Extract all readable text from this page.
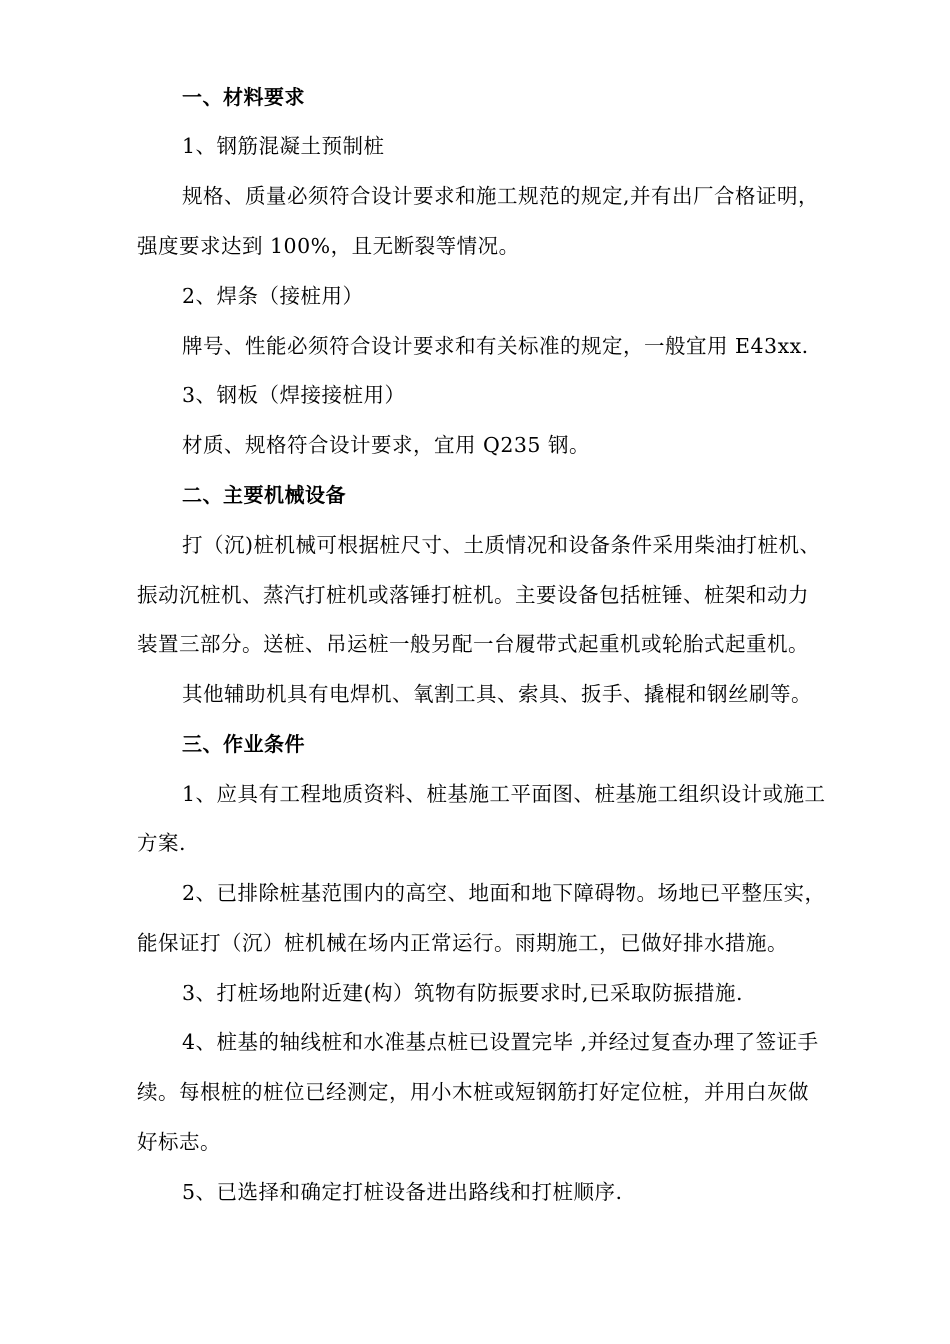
一、材料要求
1、钢筋混凝土预制桩
规格、质量必须符合设计要求和施工规范的规定,并有出厂合格证明，
强度要求达到 100%，且无断裂等情况。
2、焊条（接桩用）
牌号、性能必须符合设计要求和有关标准的规定，一般宜用 E43xx.
3、钢板（焊接接桩用）
材质、规格符合设计要求，宜用 Q235 钢。
二、主要机械设备
打（沉)桩机械可根据桩尺寸、土质情况和设备条件采用柴油打桩机、
振动沉桩机、蒸汽打桩机或落锤打桩机。主要设备包括桩锤、桩架和动力
装置三部分。送桩、吊运桩一般另配一台履带式起重机或轮胎式起重机。
其他辅助机具有电焊机、氧割工具、索具、扳手、撬棍和钢丝刷等。
三、作业条件
1、应具有工程地质资料、桩基施工平面图、桩基施工组织设计或施工
方案.
2、已排除桩基范围内的高空、地面和地下障碍物。场地已平整压实，
能保证打（沉）桩机械在场内正常运行。雨期施工，已做好排水措施。
3、打桩场地附近建(构）筑物有防振要求时,已采取防振措施.
4、桩基的轴线桩和水准基点桩已设置完毕 ,并经过复查办理了签证手
续。每根桩的桩位已经测定，用小木桩或短钢筋打好定位桩，并用白灰做
好标志。
5、已选择和确定打桩设备进出路线和打桩顺序.
